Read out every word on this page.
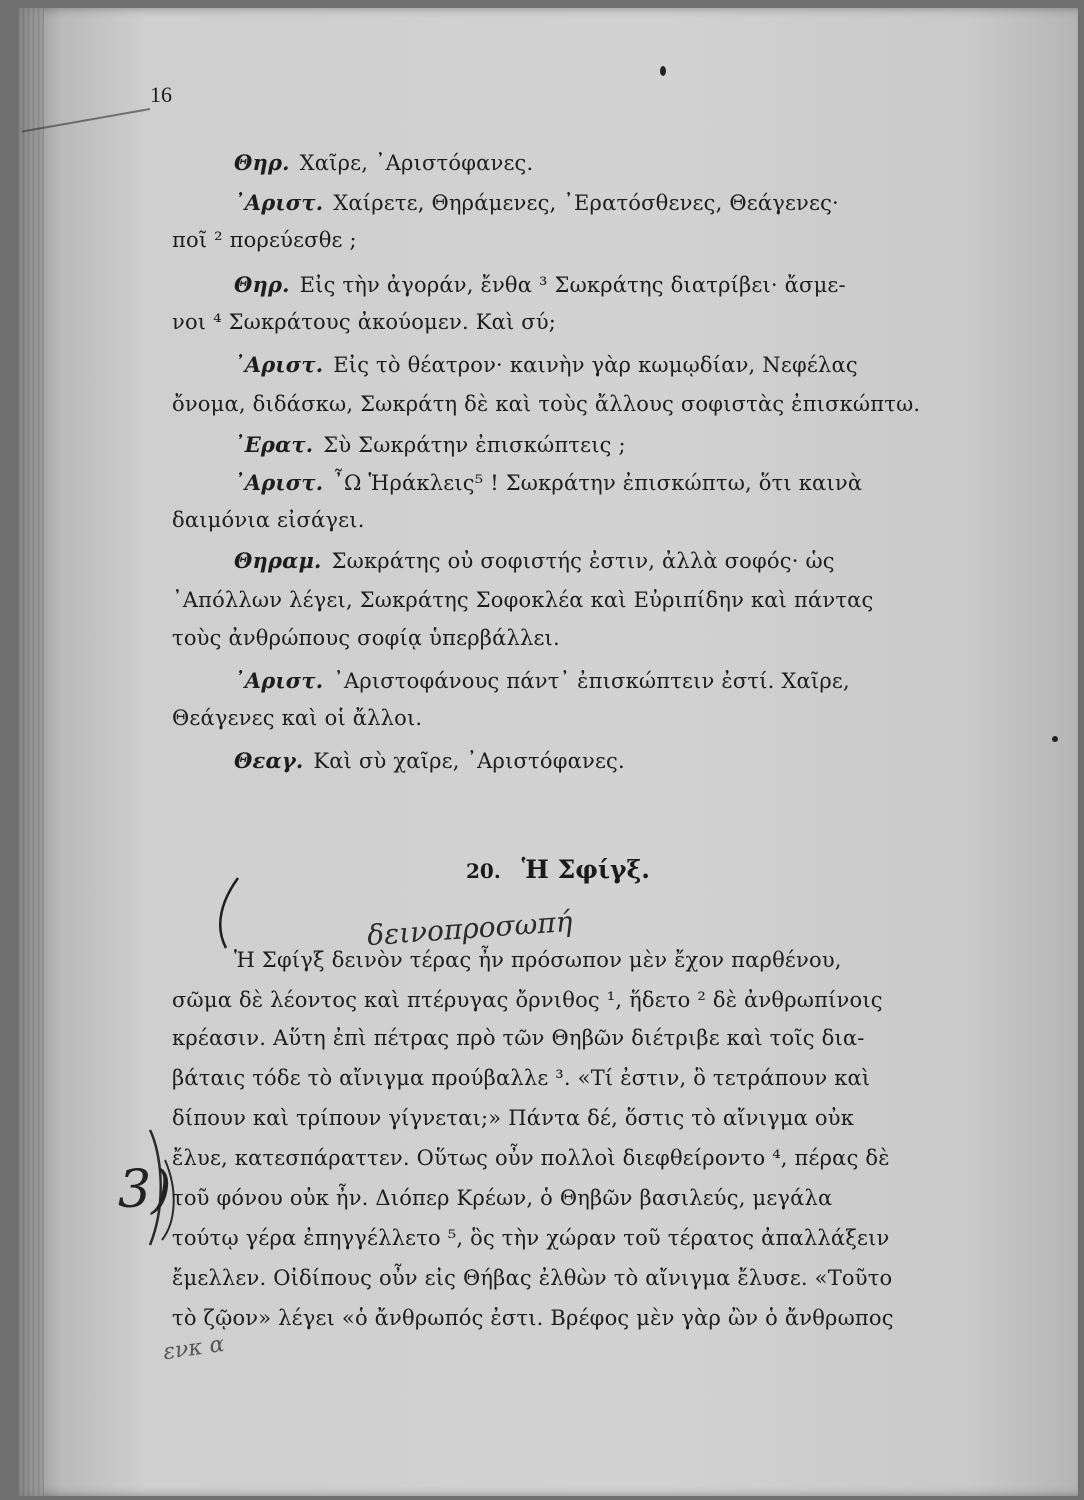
16
Θηρ. Χαῖρε, ᾿Αριστόφανες.
᾿Αριστ. Χαίρετε, Θηράμενες, ᾿Ερατόσθενες, Θεάγενες·
ποῖ ² πορεύεσθε ;
Θηρ. Εἰς τὴν ἀγοράν, ἔνθα ³ Σωκράτης διατρίβει· ἄσμε-
νοι ⁴ Σωκράτους ἀκούομεν. Καὶ σύ;
᾿Αριστ. Εἰς τὸ θέατρον· καινὴν γὰρ κωμῳδίαν, Νεφέλας
ὄνομα, διδάσκω, Σωκράτη δὲ καὶ τοὺς ἄλλους σοφιστὰς ἐπισκώπτω.
᾿Ερατ. Σὺ Σωκράτην ἐπισκώπτεις ;
᾿Αριστ. ῏Ω Ἡράκλεις⁵ ! Σωκράτην ἐπισκώπτω, ὅτι καινὰ
δαιμόνια εἰσάγει.
Θηραμ. Σωκράτης οὐ σοφιστής ἐστιν, ἀλλὰ σοφός· ὡς
᾿Απόλλων λέγει, Σωκράτης Σοφοκλέα καὶ Εὐριπίδην καὶ πάντας
τοὺς ἀνθρώπους σοφίᾳ ὑπερβάλλει.
᾿Αριστ. ᾿Αριστοφάνους πάντ᾿ ἐπισκώπτειν ἐστί. Χαῖρε,
Θεάγενες καὶ οἱ ἄλλοι.
Θεαγ. Καὶ σὺ χαῖρε, ᾿Αριστόφανες.
20. Ἡ Σφίγξ.
δεινοπροσωπή
3)
ενκ α
Ἡ Σφίγξ δεινὸν τέρας ἦν πρόσωπον μὲν ἔχον παρθένου,
σῶμα δὲ λέοντος καὶ πτέρυγας ὄρνιθος ¹, ἥδετο ² δὲ ἀνθρωπίνοις
κρέασιν. Αὕτη ἐπὶ πέτρας πρὸ τῶν Θηβῶν διέτριβε καὶ τοῖς δια-
βάταις τόδε τὸ αἴνιγμα προύβαλλε ³. «Τί ἐστιν, ὃ τετράπουν καὶ
δίπουν καὶ τρίπουν γίγνεται;» Πάντα δέ, ὅστις τὸ αἴνιγμα οὐκ
ἔλυε, κατεσπάραττεν. Οὕτως οὖν πολλοὶ διεφθείροντο ⁴, πέρας δὲ
τοῦ φόνου οὐκ ἦν. Διόπερ Κρέων, ὁ Θηβῶν βασιλεύς, μεγάλα
τούτῳ γέρα ἐπηγγέλλετο ⁵, ὃς τὴν χώραν τοῦ τέρατος ἀπαλλάξειν
ἔμελλεν. Οἰδίπους οὖν εἰς Θήβας ἐλθὼν τὸ αἴνιγμα ἔλυσε. «Τοῦτο
τὸ ζῷον» λέγει «ὁ ἄνθρωπός ἐστι. Βρέφος μὲν γὰρ ὢν ὁ ἄνθρωπος
